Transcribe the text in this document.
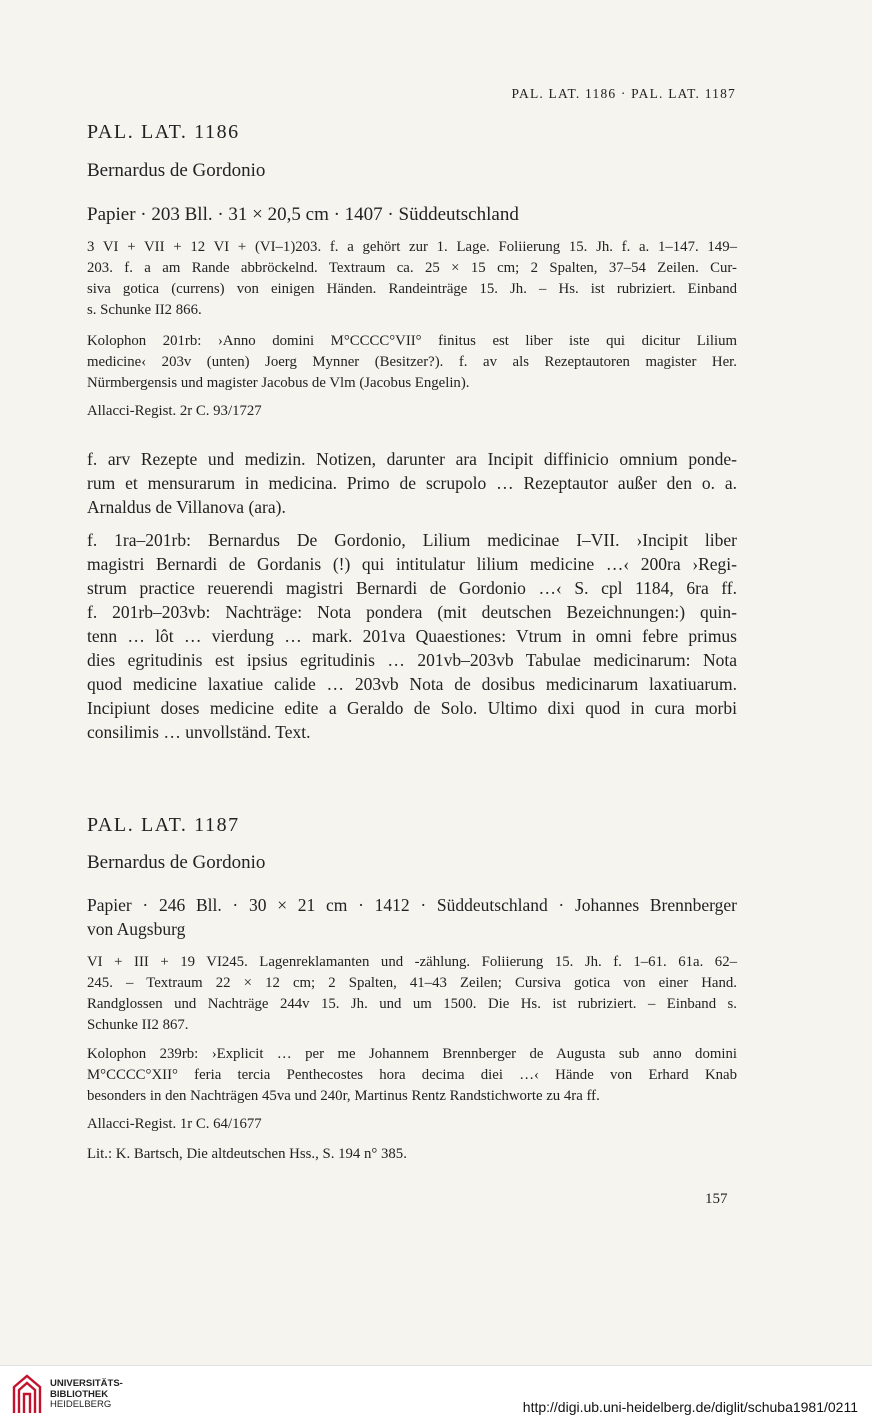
PAL. LAT. 1186 · PAL. LAT. 1187
PAL. LAT. 1186
Bernardus de Gordonio
Papier · 203 Bll. · 31 × 20,5 cm · 1407 · Süddeutschland
3 VI + VII + 12 VI + (VI–1)203. f. a gehört zur 1. Lage. Foliierung 15. Jh. f. a. 1–147. 149–
203. f. a am Rande abbröckelnd. Textraum ca. 25 × 15 cm; 2 Spalten, 37–54 Zeilen. Cur-
siva gotica (currens) von einigen Händen. Randeinträge 15. Jh. – Hs. ist rubriziert. Einband
s. Schunke II2 866.
Kolophon 201rb: ›Anno domini M°CCCC°VII° finitus est liber iste qui dicitur Lilium
medicine‹ 203v (unten) Joerg Mynner (Besitzer?). f. av als Rezeptautoren magister Her.
Nürmbergensis und magister Jacobus de Vlm (Jacobus Engelin).
Allacci-Regist. 2r C. 93/1727
f. arv Rezepte und medizin. Notizen, darunter ara Incipit diffinicio omnium ponde-
rum et mensurarum in medicina. Primo de scrupolo … Rezeptautor außer den o. a.
Arnaldus de Villanova (ara).
f. 1ra–201rb: Bernardus De Gordonio, Lilium medicinae I–VII. ›Incipit liber
magistri Bernardi de Gordanis (!) qui intitulatur lilium medicine …‹ 200ra ›Regi-
strum practice reuerendi magistri Bernardi de Gordonio …‹ S. cpl 1184, 6ra ff.
f. 201rb–203vb: Nachträge: Nota pondera (mit deutschen Bezeichnungen:) quin-
tenn … lôt … vierdung … mark. 201va Quaestiones: Vtrum in omni febre primus
dies egritudinis est ipsius egritudinis … 201vb–203vb Tabulae medicinarum: Nota
quod medicine laxatiue calide … 203vb Nota de dosibus medicinarum laxatiuarum.
Incipiunt doses medicine edite a Geraldo de Solo. Ultimo dixi quod in cura morbi
consilimis … unvollständ. Text.
PAL. LAT. 1187
Bernardus de Gordonio
Papier · 246 Bll. · 30 × 21 cm · 1412 · Süddeutschland · Johannes Brennberger
von Augsburg
VI + III + 19 VI245. Lagenreklamanten und -zählung. Foliierung 15. Jh. f. 1–61. 61a. 62–
245. – Textraum 22 × 12 cm; 2 Spalten, 41–43 Zeilen; Cursiva gotica von einer Hand.
Randglossen und Nachträge 244v 15. Jh. und um 1500. Die Hs. ist rubriziert. – Einband s.
Schunke II2 867.
Kolophon 239rb: ›Explicit … per me Johannem Brennberger de Augusta sub anno domini
M°CCCC°XII° feria tercia Penthecostes hora decima diei …‹ Hände von Erhard Knab
besonders in den Nachträgen 45va und 240r, Martinus Rentz Randstichworte zu 4ra ff.
Allacci-Regist. 1r C. 64/1677
Lit.: K. Bartsch, Die altdeutschen Hss., S. 194 n° 385.
157
UNIVERSITÄTS-
BIBLIOTHEK
HEIDELBERG	http://digi.ub.uni-heidelberg.de/diglit/schuba1981/0211
